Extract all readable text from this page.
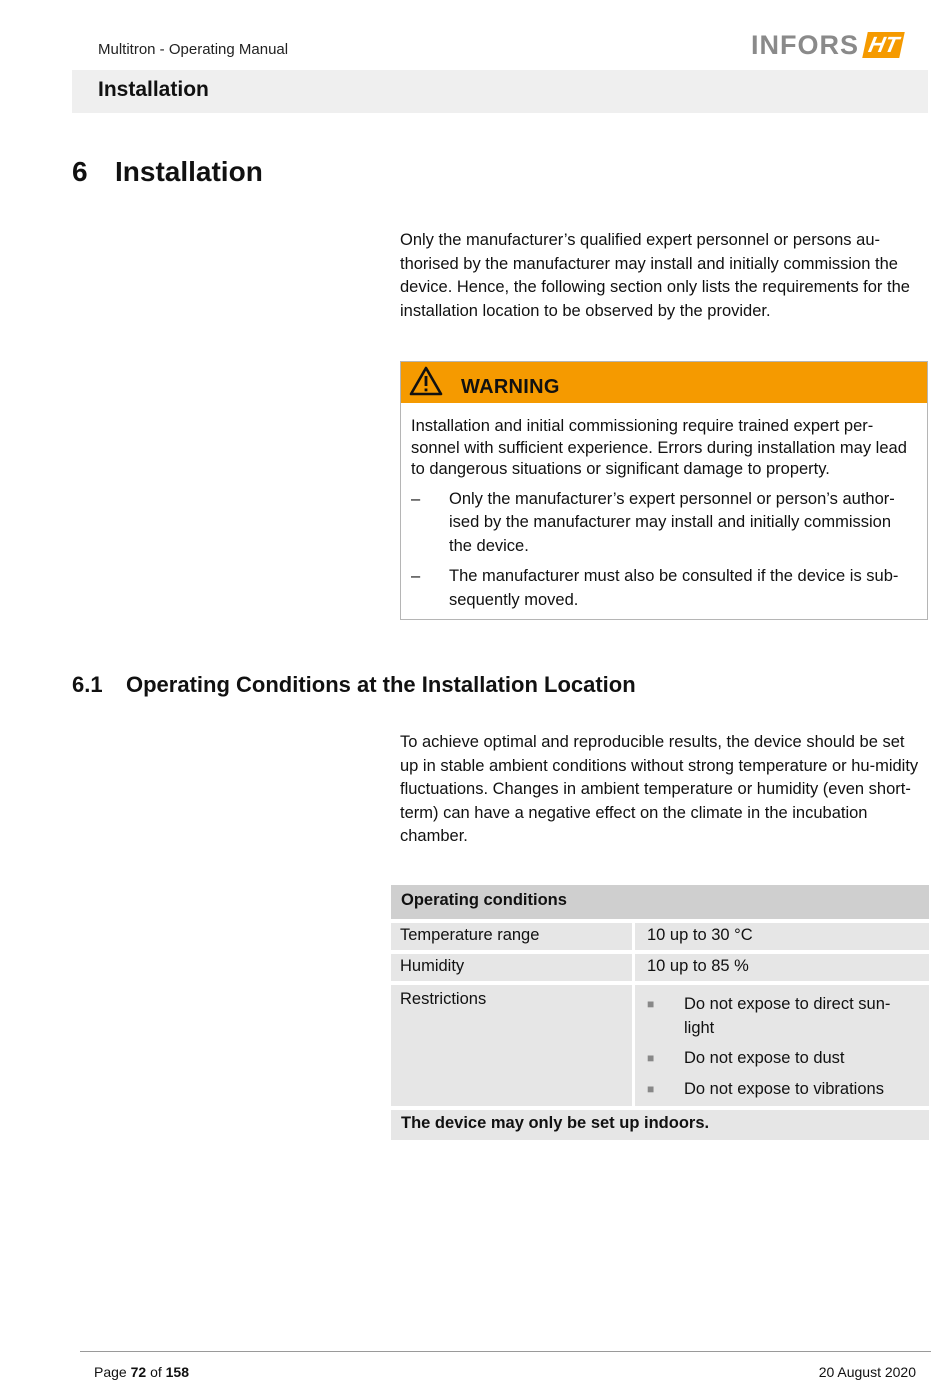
Multitron - Operating Manual	INFORS HT
Installation
6 Installation

Only the manufacturer’s qualified expert personnel or persons au-thorised by the manufacturer may install and initially commission the device. Hence, the following section only lists the requirements for the installation location to be observed by the provider.

WARNING

Installation and initial commissioning require trained expert per-sonnel with sufficient experience. Errors during installation may lead to dangerous situations or significant damage to property.

–	Only the manufacturer’s expert personnel or person’s author-ised by the manufacturer may install and initially commission the device.
–	The manufacturer must also be consulted if the device is sub-sequently moved.
6.1	Operating Conditions at the Installation Location

To achieve optimal and reproducible results, the device should be set up in stable ambient conditions without strong temperature or hu-midity fluctuations. Changes in ambient temperature or humidity (even short-term) can have a negative effect on the climate in the incubation chamber.

Operating conditions
Temperature range	10 up to 30 °C
Humidity	10 up to 85 %
Restrictions	■	Do not expose to direct sun-light
■	Do not expose to dust
■	Do not expose to vibrations
The device may only be set up indoors.
Page 72 of 158	20 August 2020
